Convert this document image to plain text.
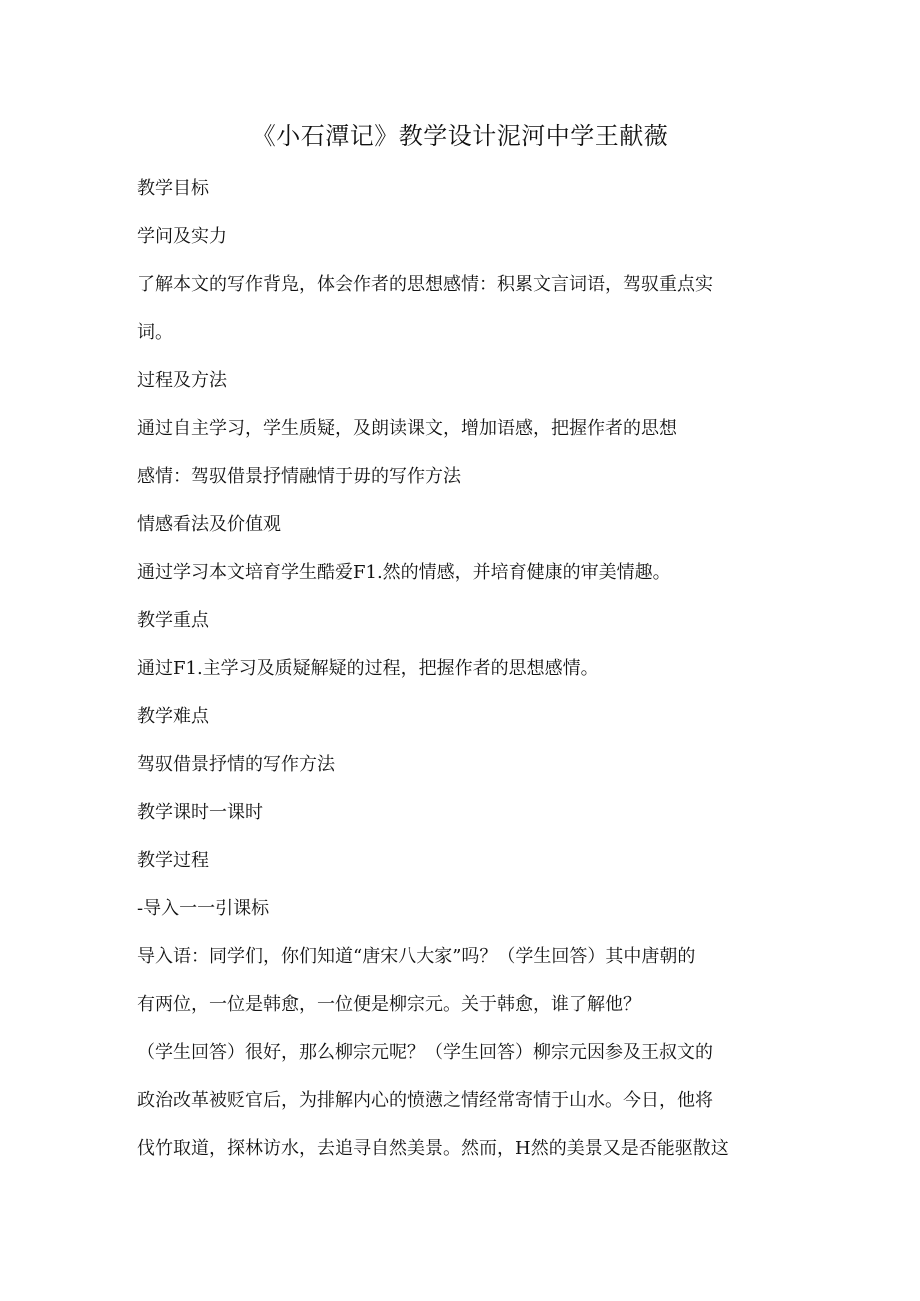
《小石潭记》教学设计泥河中学王献薇
教学目标
学问及实力
了解本文的写作背凫，体会作者的思想感情：积累文言词语，驾驭重点实
词。
过程及方法
通过自主学习，学生质疑，及朗读课文，增加语感，把握作者的思想
感情：驾驭借景抒情融情于毋的写作方法
情感看法及价值观
通过学习本文培育学生酷爱F1.然的情感，并培育健康的审美情趣。
教学重点
通过F1.主学习及质疑解疑的过程，把握作者的思想感情。
教学难点
驾驭借景抒情的写作方法
教学课时一课时
教学过程
-导入一一引课标
导入语：同学们，你们知道“唐宋八大家”吗？（学生回答）其中唐朝的
有两位，一位是韩愈，一位便是柳宗元。关于韩愈，谁了解他？
（学生回答）很好，那么柳宗元呢？（学生回答）柳宗元因参及王叔文的
政治改革被贬官后，为排解内心的愤懑之情经常寄情于山水。今日，他将
伐竹取道，探林访水，去追寻自然美景。然而，H然的美景又是否能驱散这
